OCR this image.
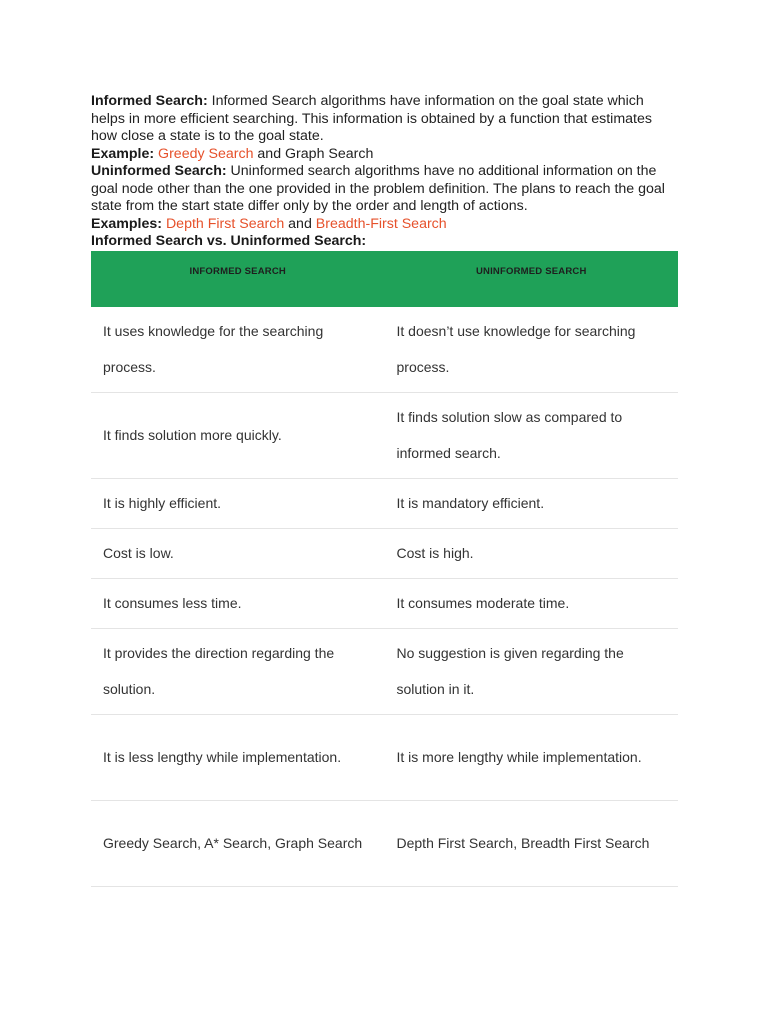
Informed Search: Informed Search algorithms have information on the goal state which helps in more efficient searching. This information is obtained by a function that estimates how close a state is to the goal state.

Example: Greedy Search and Graph Search

Uninformed Search: Uninformed search algorithms have no additional information on the goal node other than the one provided in the problem definition. The plans to reach the goal state from the start state differ only by the order and length of actions.

Examples: Depth First Search and Breadth-First Search

Informed Search vs. Uninformed Search:

INFORMED SEARCH	UNINFORMED SEARCH
It uses knowledge for the searching process.	It doesn’t use knowledge for searching process.
It finds solution more quickly.	It finds solution slow as compared to informed search.
It is highly efficient.	It is mandatory efficient.
Cost is low.	Cost is high.
It consumes less time.	It consumes moderate time.
It provides the direction regarding the solution.	No suggestion is given regarding the solution in it.
It is less lengthy while implementation.	It is more lengthy while implementation.
Greedy Search, A* Search, Graph Search	Depth First Search, Breadth First Search
